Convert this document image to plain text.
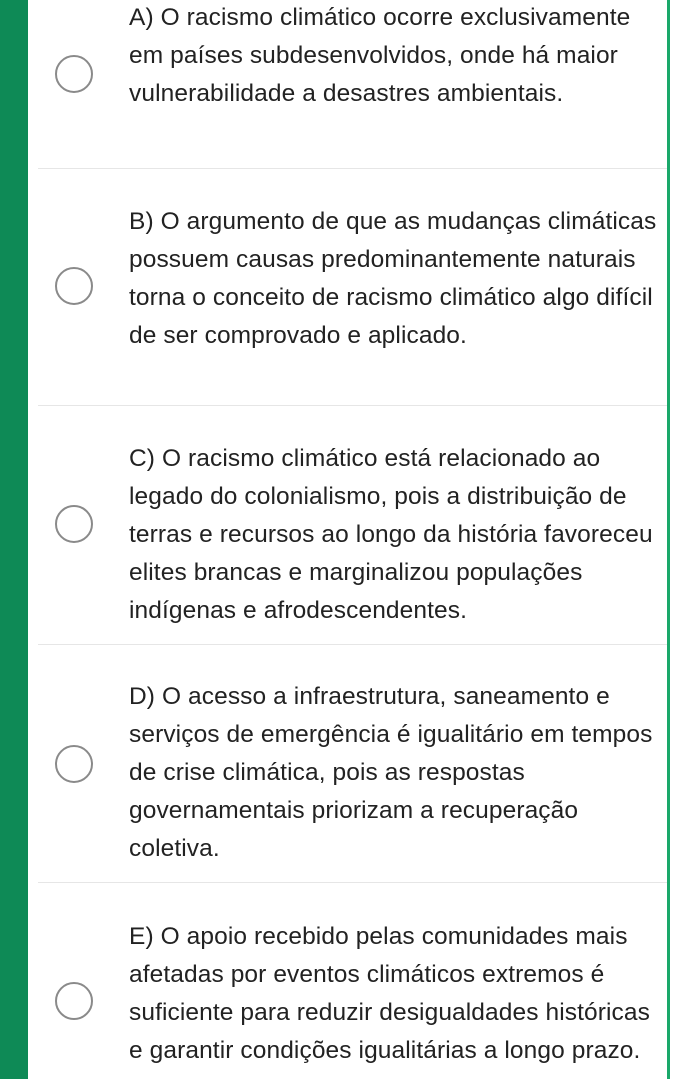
A) O racismo climático ocorre exclusivamente em países subdesenvolvidos, onde há maior vulnerabilidade a desastres ambientais.
B) O argumento de que as mudanças climáticas possuem causas predominantemente naturais torna o conceito de racismo climático algo difícil de ser comprovado e aplicado.
C) O racismo climático está relacionado ao legado do colonialismo, pois a distribuição de terras e recursos ao longo da história favoreceu elites brancas e marginalizou populações indígenas e afrodescendentes.
D) O acesso a infraestrutura, saneamento e serviços de emergência é igualitário em tempos de crise climática, pois as respostas governamentais priorizam a recuperação coletiva.
E) O apoio recebido pelas comunidades mais afetadas por eventos climáticos extremos é suficiente para reduzir desigualdades históricas e garantir condições igualitárias a longo prazo.
